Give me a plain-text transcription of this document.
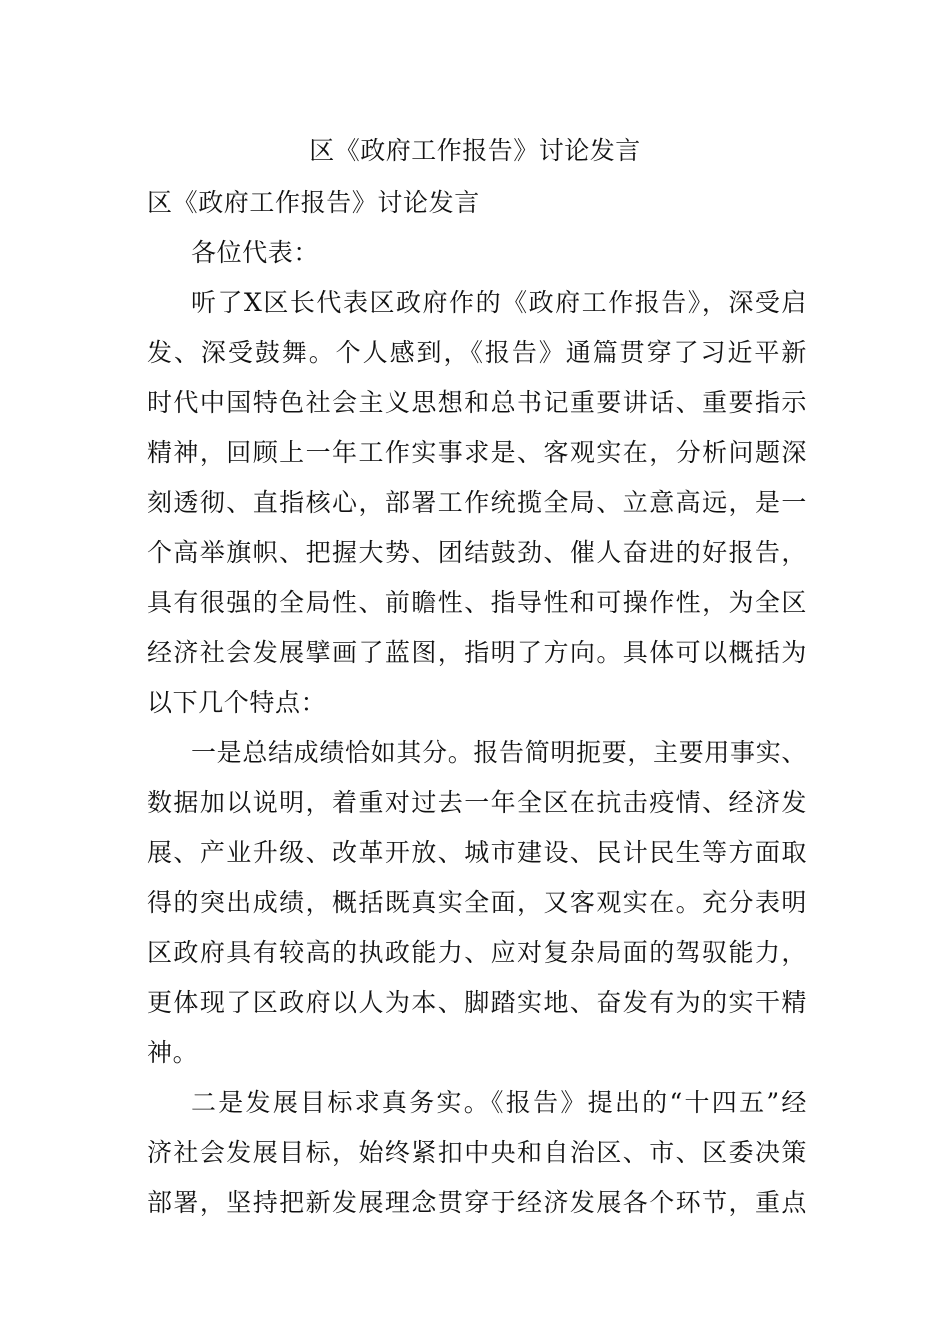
区《政府工作报告》讨论发言
区《政府工作报告》讨论发言
各位代表：
听了X区长代表区政府作的《政府工作报告》，深受启
发、深受鼓舞。个人感到，《报告》通篇贯穿了习近平新
时代中国特色社会主义思想和总书记重要讲话、重要指示
精神，回顾上一年工作实事求是、客观实在，分析问题深
刻透彻、直指核心，部署工作统揽全局、立意高远，是一
个高举旗帜、把握大势、团结鼓劲、催人奋进的好报告，
具有很强的全局性、前瞻性、指导性和可操作性，为全区
经济社会发展擘画了蓝图，指明了方向。具体可以概括为
以下几个特点：
一是总结成绩恰如其分。报告简明扼要，主要用事实、
数据加以说明，着重对过去一年全区在抗击疫情、经济发
展、产业升级、改革开放、城市建设、民计民生等方面取
得的突出成绩，概括既真实全面，又客观实在。充分表明
区政府具有较高的执政能力、应对复杂局面的驾驭能力，
更体现了区政府以人为本、脚踏实地、奋发有为的实干精
神。
二是发展目标求真务实。《报告》提出的“十四五”经
济社会发展目标，始终紧扣中央和自治区、市、区委决策
部署，坚持把新发展理念贯穿于经济发展各个环节，重点
